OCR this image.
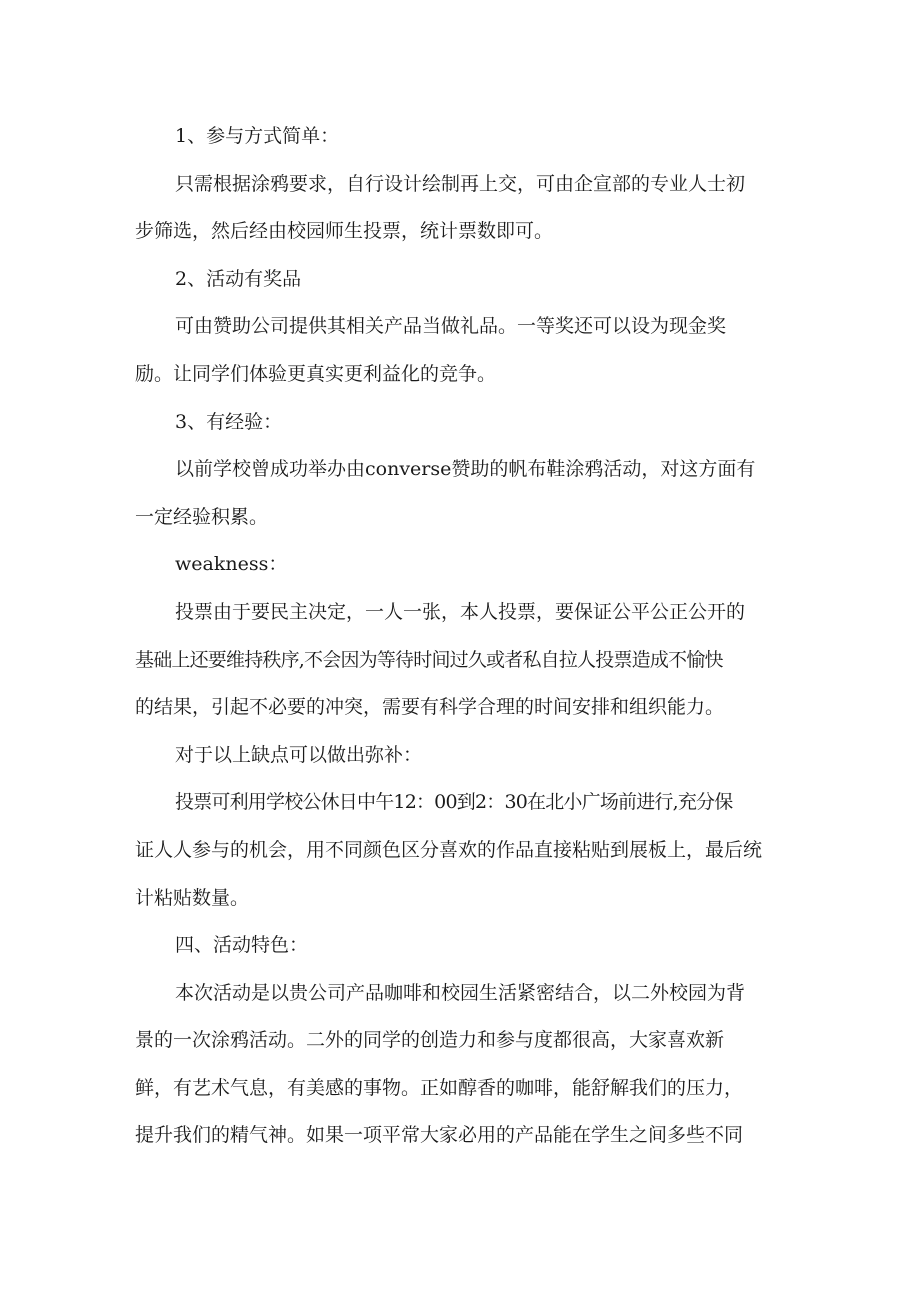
1、参与方式简单：
只需根据涂鸦要求，自行设计绘制再上交，可由企宣部的专业人士初
步筛选，然后经由校园师生投票，统计票数即可。
2、活动有奖品
可由赞助公司提供其相关产品当做礼品。一等奖还可以设为现金奖
励。让同学们体验更真实更利益化的竞争。
3、有经验：
以前学校曾成功举办由converse赞助的帆布鞋涂鸦活动，对这方面有
一定经验积累。
weakness：
投票由于要民主决定，一人一张，本人投票，要保证公平公正公开的
基础上还要维持秩序,不会因为等待时间过久或者私自拉人投票造成不愉快
的结果，引起不必要的冲突，需要有科学合理的时间安排和组织能力。
对于以上缺点可以做出弥补：
投票可利用学校公休日中午12：00到2：30在北小广场前进行,充分保
证人人参与的机会，用不同颜色区分喜欢的作品直接粘贴到展板上，最后统
计粘贴数量。
四、活动特色：
本次活动是以贵公司产品咖啡和校园生活紧密结合，以二外校园为背
景的一次涂鸦活动。二外的同学的创造力和参与度都很高，大家喜欢新
鲜，有艺术气息，有美感的事物。正如醇香的咖啡，能舒解我们的压力，
提升我们的精气神。如果一项平常大家必用的产品能在学生之间多些不同
